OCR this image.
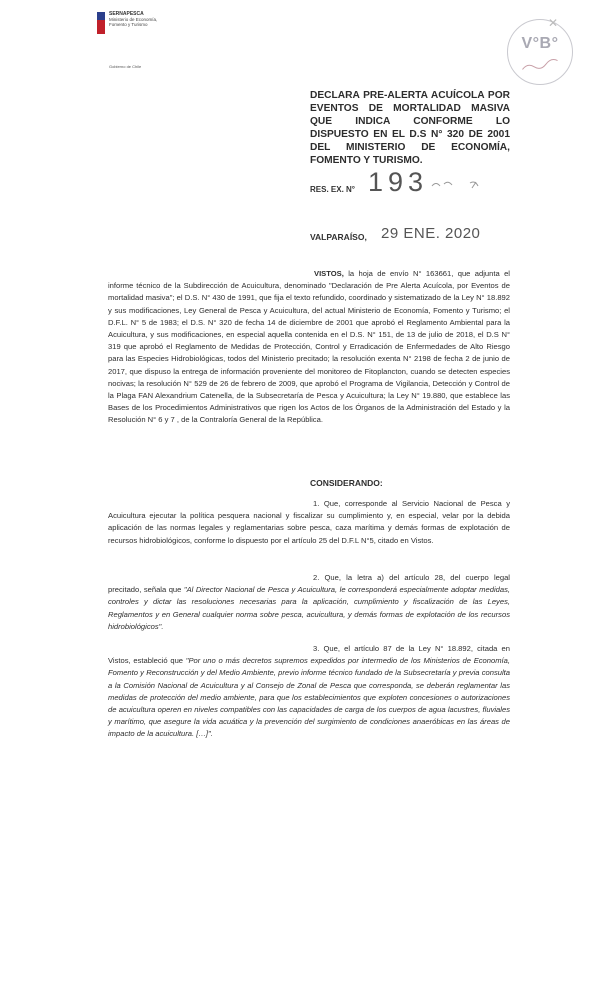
SERNAPESCA
Ministerio de Economía, Fomento y Turismo
Gobierno de Chile
V°B°
✕
DECLARA PRE-ALERTA ACUÍCOLA POR EVENTOS DE MORTALIDAD MASIVA QUE INDICA CONFORME LO DISPUESTO EN EL D.S N° 320 DE 2001 DEL MINISTERIO DE ECONOMÍA, FOMENTO Y TURISMO.
RES. EX. N° 193
VALPARAÍSO, 29 ENE. 2020
VISTOS, la hoja de envío N° 163661, que adjunta el informe técnico de la Subdirección de Acuicultura, denominado "Declaración de Pre Alerta Acuícola, por Eventos de mortalidad masiva"; el D.S. N° 430 de 1991, que fija el texto refundido, coordinado y sistematizado de la Ley N° 18.892 y sus modificaciones, Ley General de Pesca y Acuicultura, del actual Ministerio de Economía, Fomento y Turismo; el D.F.L. N° 5 de 1983; el D.S. N° 320 de fecha 14 de diciembre de 2001 que aprobó el Reglamento Ambiental para la Acuicultura, y sus modificaciones, en especial aquella contenida en el D.S. N° 151, de 13 de julio de 2018, el D.S N° 319 que aprobó el Reglamento de Medidas de Protección, Control y Erradicación de Enfermedades de Alto Riesgo para las Especies Hidrobiológicas, todos del Ministerio precitado; la resolución exenta N° 2198 de fecha 2 de junio de 2017, que dispuso la entrega de información proveniente del monitoreo de Fitoplancton, cuando se detecten especies nocivas; la resolución N° 529 de 26 de febrero de 2009, que aprobó el Programa de Vigilancia, Detección y Control de la Plaga FAN Alexandrium Catenella, de la Subsecretaría de Pesca y Acuicultura; la Ley N° 19.880, que establece las Bases de los Procedimientos Administrativos que rigen los Actos de los Órganos de la Administración del Estado y la Resolución N° 6 y 7 , de la Contraloría General de la República.
CONSIDERANDO:
1. Que, corresponde al Servicio Nacional de Pesca y Acuicultura ejecutar la política pesquera nacional y fiscalizar su cumplimiento y, en especial, velar por la debida aplicación de las normas legales y reglamentarias sobre pesca, caza marítima y demás formas de explotación de recursos hidrobiológicos, conforme lo dispuesto por el artículo 25 del D.F.L N°5, citado en Vistos.
2. Que, la letra a) del artículo 28, del cuerpo legal precitado, señala que "Al Director Nacional de Pesca y Acuicultura, le corresponderá especialmente adoptar medidas, controles y dictar las resoluciones necesarias para la aplicación, cumplimiento y fiscalización de las Leyes, Reglamentos y en General cualquier norma sobre pesca, acuicultura, y demás formas de explotación de los recursos hidrobiológicos".
3. Que, el artículo 87 de la Ley N° 18.892, citada en Vistos, estableció que "Por uno o más decretos supremos expedidos por intermedio de los Ministerios de Economía, Fomento y Reconstrucción y del Medio Ambiente, previo informe técnico fundado de la Subsecretaría y previa consulta a la Comisión Nacional de Acuicultura y al Consejo de Zonal de Pesca que corresponda, se deberán reglamentar las medidas de protección del medio ambiente, para que los establecimientos que exploten concesiones o autorizaciones de acuicultura operen en niveles compatibles con las capacidades de carga de los cuerpos de agua lacustres, fluviales y marítimo, que asegure la vida acuática y la prevención del surgimiento de condiciones anaeróbicas en las áreas de impacto de la acuicultura. […]".
